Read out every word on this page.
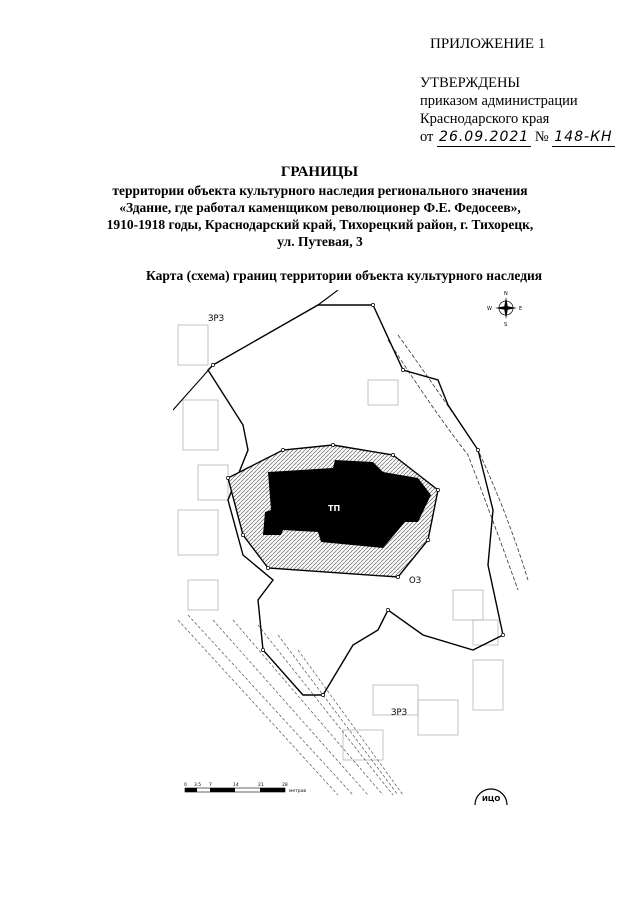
ПРИЛОЖЕНИЕ 1
УТВЕРЖДЕНЫ
приказом администрации
Краснодарского края
от 26.09.2021 № 148-КН
ГРАНИЦЫ
территории объекта культурного наследия регионального значения
«Здание, где работал каменщиком революционер Ф.Е. Федосеев»,
1910-1918 годы, Краснодарский край, Тихорецкий район, г. Тихорецк,
ул. Путевая, 3
Карта (схема) границ территории объекта культурного наследия
ТП
ЗРЗ
ОЗ
ЗРЗ
N
S
E
W
0 3.5 7	14	21	28
метров
ИЦО
